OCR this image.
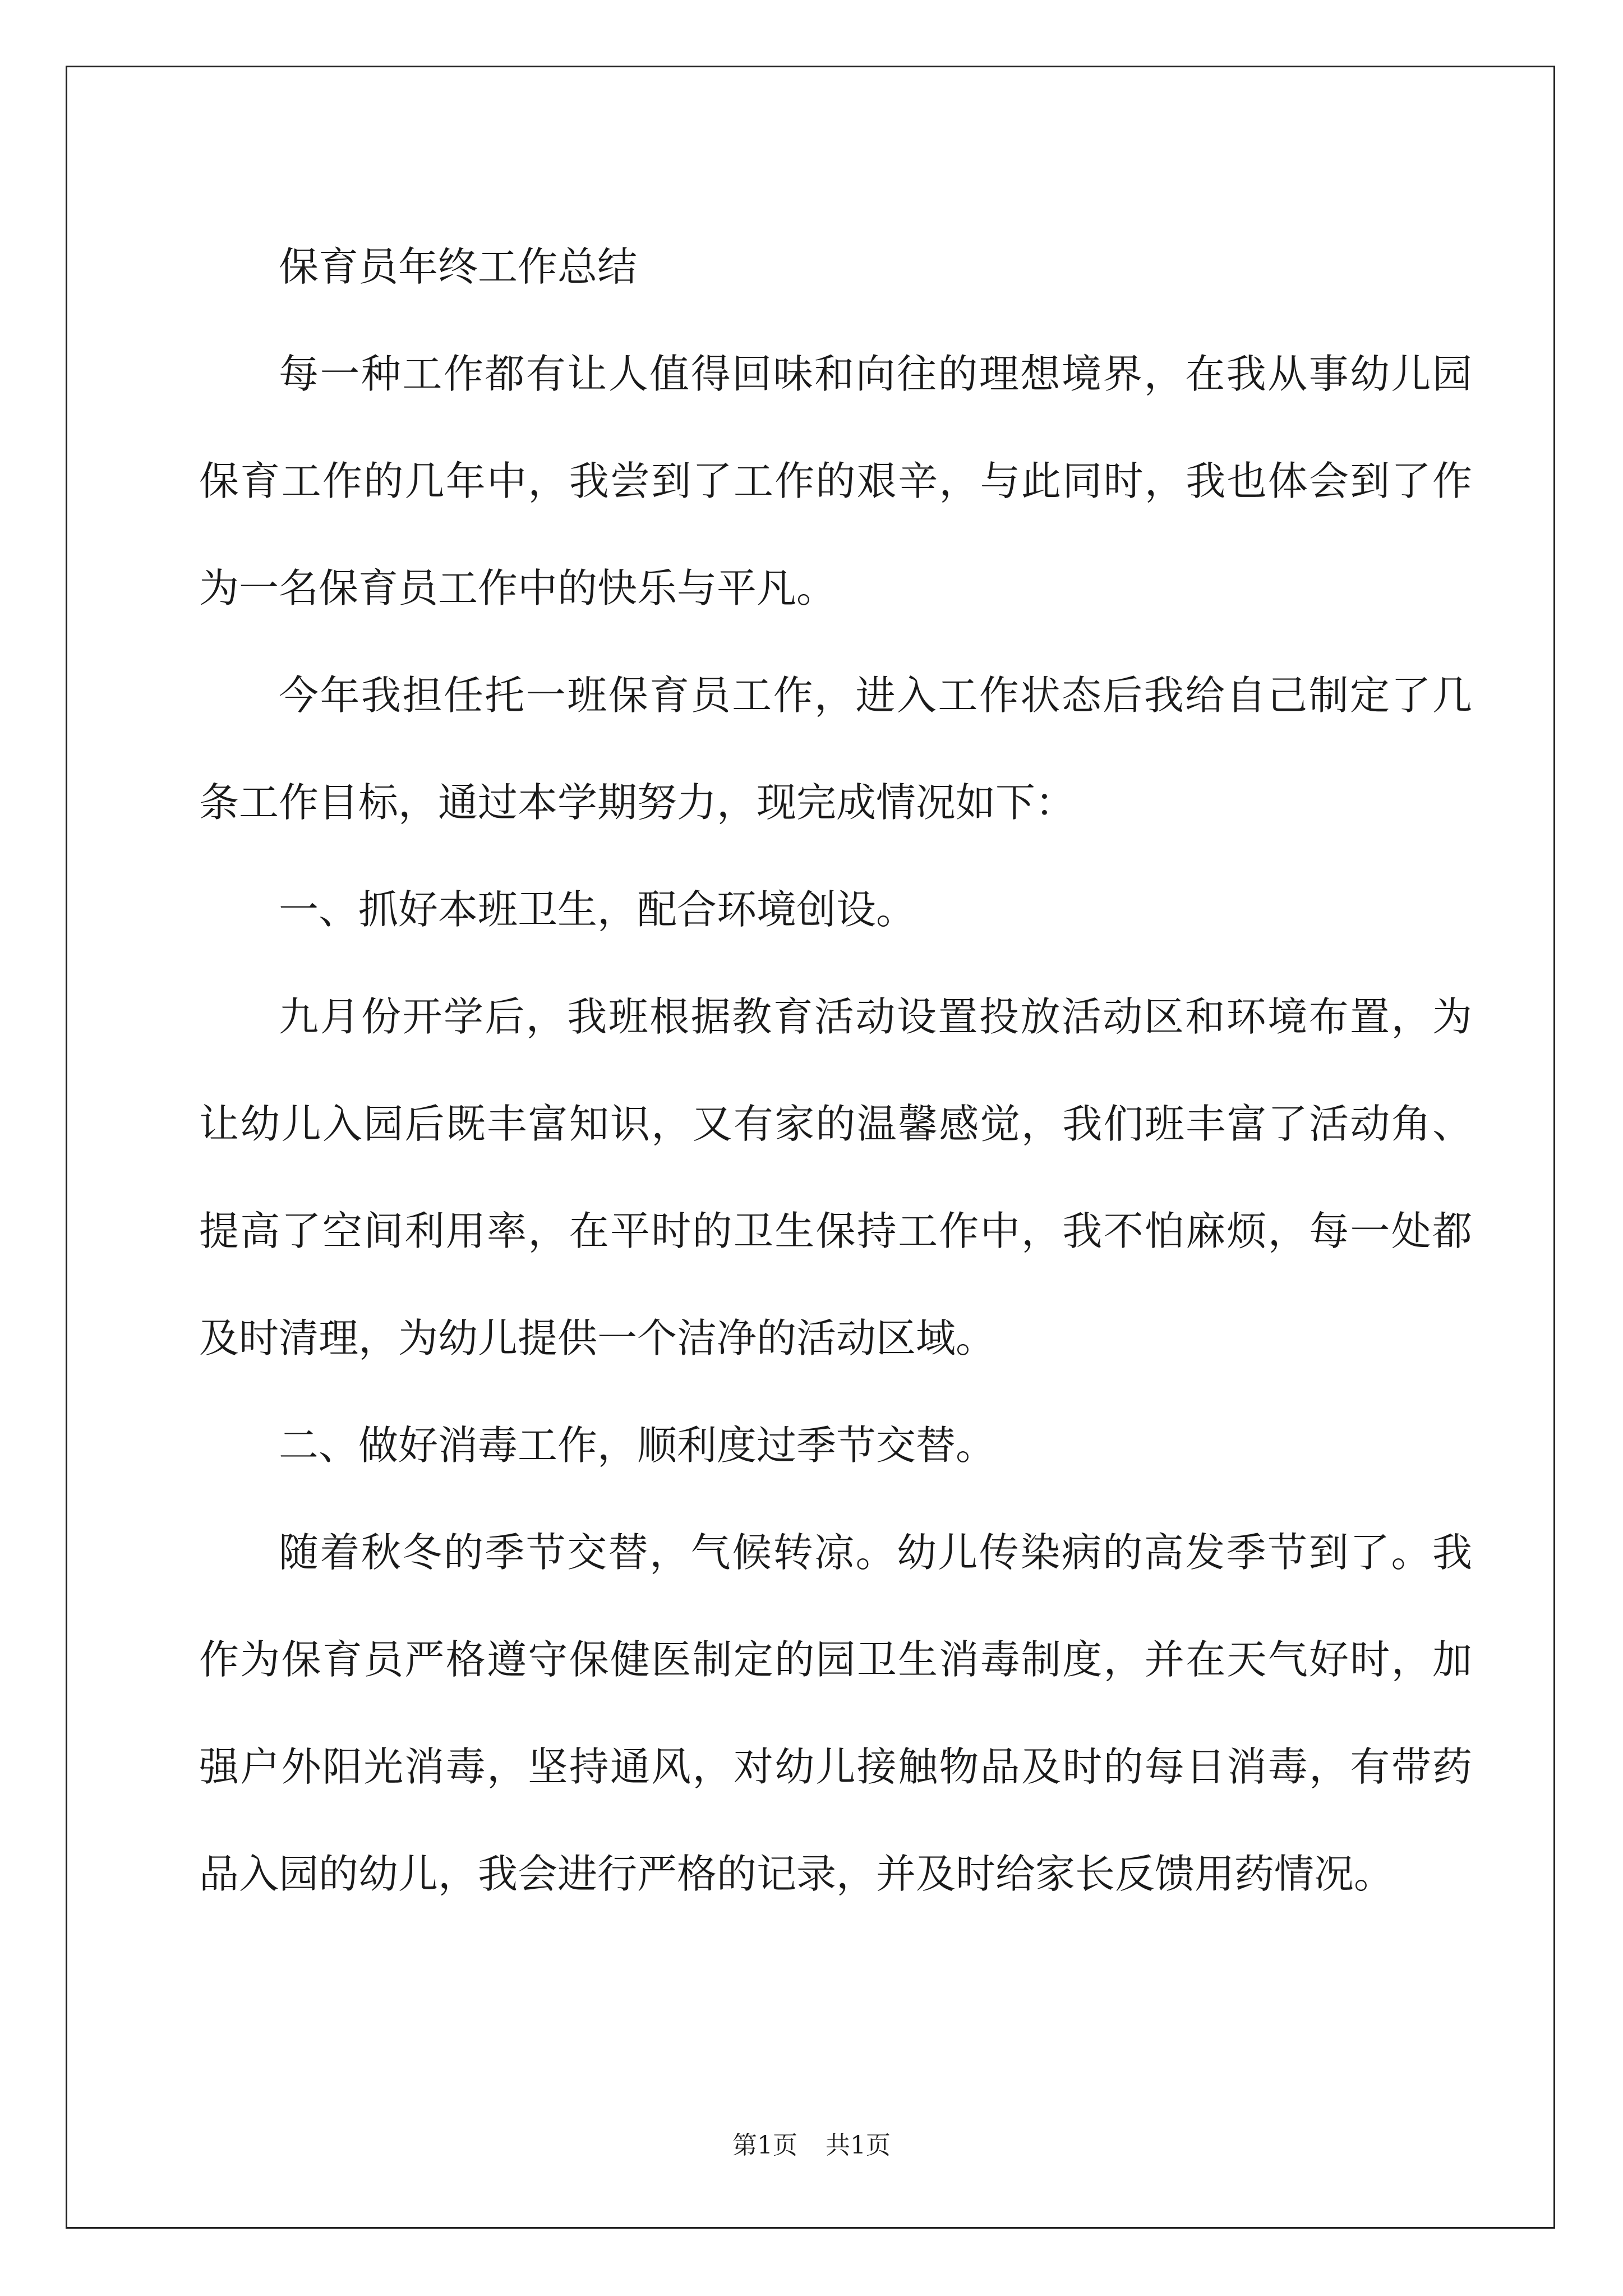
保育员年终工作总结

每一种工作都有让人值得回味和向往的理想境界，在我从事幼儿园保育工作的几年中，我尝到了工作的艰辛，与此同时，我也体会到了作为一名保育员工作中的快乐与平凡。

今年我担任托一班保育员工作，进入工作状态后我给自己制定了几条工作目标，通过本学期努力，现完成情况如下：

一、抓好本班卫生，配合环境创设。

九月份开学后，我班根据教育活动设置投放活动区和环境布置，为让幼儿入园后既丰富知识，又有家的温馨感觉，我们班丰富了活动角、提高了空间利用率，在平时的卫生保持工作中，我不怕麻烦，每一处都及时清理，为幼儿提供一个洁净的活动区域。

二、做好消毒工作，顺利度过季节交替。

随着秋冬的季节交替，气候转凉。幼儿传染病的高发季节到了。我作为保育员严格遵守保健医制定的园卫生消毒制度，并在天气好时，加强户外阳光消毒，坚持通风，对幼儿接触物品及时的每日消毒，有带药品入园的幼儿，我会进行严格的记录，并及时给家长反馈用药情况。

第1页 共1页
